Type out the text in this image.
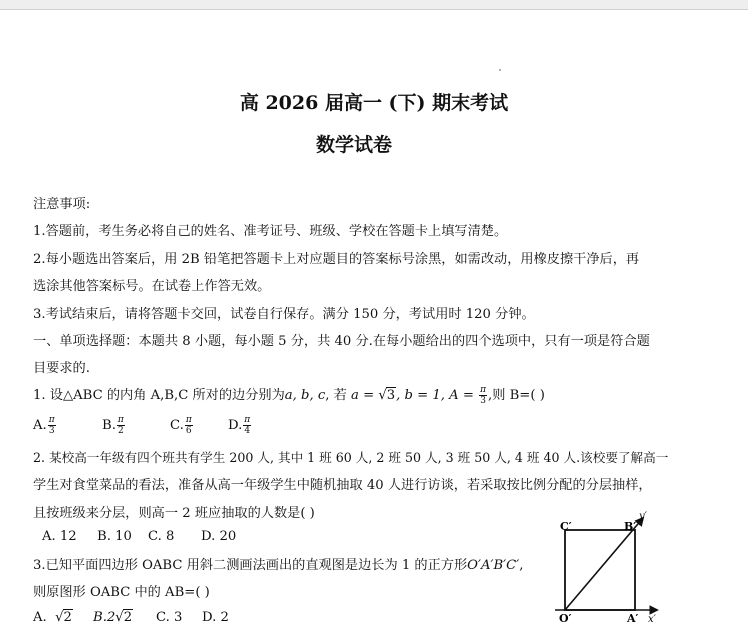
高 2026 届高一 (下) 期末考试
数学试卷
注意事项:
1.答题前，考生务必将自己的姓名、准考证号、班级、学校在答题卡上填写清楚。
2.每小题选出答案后，用 2B 铅笔把答题卡上对应题目的答案标号涂黑，如需改动，用橡皮擦干净后，再
选涂其他答案标号。在试卷上作答无效。
3.考试结束后，请将答题卡交回，试卷自行保存。满分 150 分，考试用时 120 分钟。
一、单项选择题：本题共 8 小题，每小题 5 分，共 40 分.在每小题给出的四个选项中，只有一项是符合题
目要求的.
1. 设△ABC 的内角 A,B,C 所对的边分别为a, b, c, 若 a = √3, b = 1, $A = \frac{\pi}{3}$ ,则 B=( )
A. $\frac{\pi}{3}$	B. $\frac{\pi}{2}$	C. $\frac{\pi}{6}$	D. $\frac{\pi}{4}$
2. 某校高一年级有四个班共有学生 200 人, 其中 1 班 60 人, 2 班 50 人, 3 班 50 人, 4 班 40 人.该校要了解高一
学生对食堂菜品的看法，准备从高一年级学生中随机抽取 40 人进行访谈，若采取按比例分配的分层抽样，
且按班级来分层，则高一 2 班应抽取的人数是( )
A. 12 B. 10 C. 8 D. 20
3.已知平面四边形 OABC 用斜二测画法画出的直观图是边长为 1 的正方形O′A′B′C′,
则原图形 OABC 中的 AB=( )
A.  √2 B.2√2 C. 3 D. 2
C′	B′
O′	A′ x′
y′
